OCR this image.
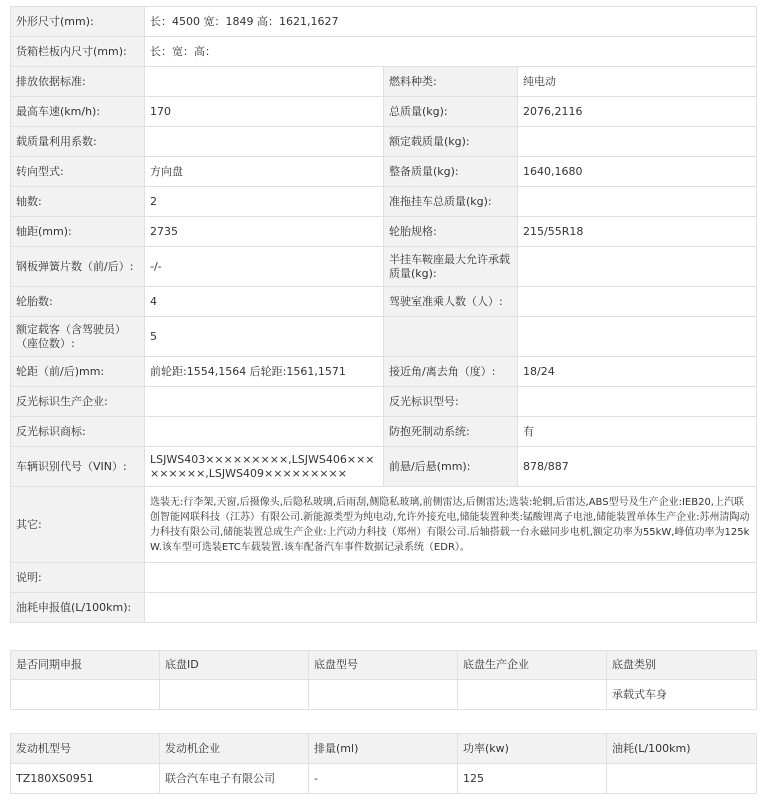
外形尺寸(mm):	长：4500 宽：1849 高：1621,1627		
货箱栏板内尺寸(mm):	长：宽：高：		
排放依据标准:		燃料种类:	纯电动
最高车速(km/h):	170	总质量(kg):	2076,2116
载质量利用系数:		额定载质量(kg):	
转向型式:	方向盘	整备质量(kg):	1640,1680
轴数:	2	准拖挂车总质量(kg):	
轴距(mm):	2735	轮胎规格:	215/55R18
钢板弹簧片数（前/后）:	-/-	半挂车鞍座最大允许承载质量(kg):	
轮胎数:	4	驾驶室准乘人数（人）:	
额定载客（含驾驶员）（座位数）:	5		
轮距（前/后)mm:	前轮距:1554,1564 后轮距:1561,1571	接近角/离去角（度）:	18/24
反光标识生产企业:		反光标识型号:	
反光标识商标:		防抱死制动系统:	有
车辆识别代号（VIN）:	LSJWS403×××××××××,LSJWS406×××××××××,LSJWS409×××××××××	前悬/后悬(mm):	878/887
其它:	选装无:行李架,天窗,后摄像头,后隐私玻璃,后雨刮,侧隐私玻璃,前侧雷达,后侧雷达;选装:轮辋,后雷达,ABS型号及生产企业:IEB20,上汽联创智能网联科技（江苏）有限公司.新能源类型为纯电动,允许外接充电,储能装置种类:锰酸锂离子电池,储能装置单体生产企业:苏州清陶动力科技有限公司,储能装置总成生产企业:上汽动力科技（郑州）有限公司.后轴搭载一台永磁同步电机,额定功率为55kW,峰值功率为125kW.该车型可选装ETC车载装置.该车配备汽车事件数据记录系统（EDR）。		
说明:			
油耗申报值(L/100km):			
是否同期申报	底盘ID	底盘型号	底盘生产企业	底盘类别
				承载式车身
发动机型号	发动机企业	排量(ml)	功率(kw)	油耗(L/100km)
TZ180XS0951	联合汽车电子有限公司	-	125	
